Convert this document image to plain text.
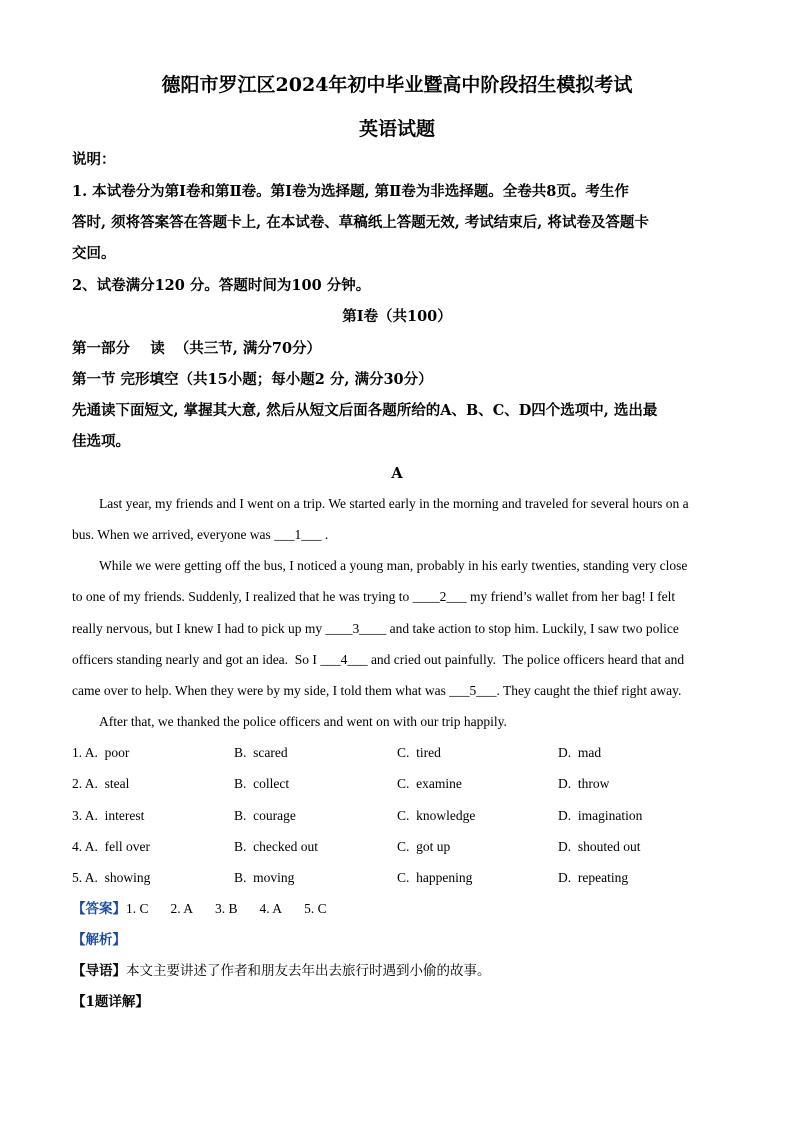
德阳市罗江区2024年初中毕业暨高中阶段招生模拟考试
英语试题
说明：
1. 本试卷分为第Ⅰ卷和第Ⅱ卷。第Ⅰ卷为选择题, 第Ⅱ卷为非选择题。全卷共8页。考生作
答时, 须将答案答在答题卡上, 在本试卷、草稿纸上答题无效, 考试结束后, 将试卷及答题卡
交回。
2、试卷满分120 分。答题时间为100 分钟。
第Ⅰ卷（共100）
第一部分    读  （共三节, 满分70分）
第一节 完形填空（共15小题；每小题2 分, 满分30分）
先通读下面短文, 掌握其大意, 然后从短文后面各题所给的A、B、C、D四个选项中, 选出最
佳选项。
A
Last year, my friends and I went on a trip. We started early in the morning and traveled for several hours on a
bus. When we arrived, everyone was ___1___ .
While we were getting off the bus, I noticed a young man, probably in his early twenties, standing very close
to one of my friends. Suddenly, I realized that he was trying to ____2___ my friend’s wallet from her bag! I felt
really nervous, but I knew I had to pick up my ____3____ and take action to stop him. Luckily, I saw two police
officers standing nearly and got an idea.  So I ___4___ and cried out painfully.  The police officers heard that and
came over to help. When they were by my side, I told them what was ___5___. They caught the thief right away.
After that, we thanked the police officers and went on with our trip happily.
1. A.  poor	B.  scared	C.  tired	D.  mad
2. A.  steal	B.  collect	C.  examine	D.  throw
3. A.  interest	B.  courage	C.  knowledge	D.  imagination
4. A.  fell over	B.  checked out	C.  got up	D.  shouted out
5. A.  showing	B.  moving	C.  happening	D.  repeating
【答案】1. C 2. A 3. B 4. A 5. C
【解析】
【导语】本文主要讲述了作者和朋友去年出去旅行时遇到小偷的故事。
【1题详解】
